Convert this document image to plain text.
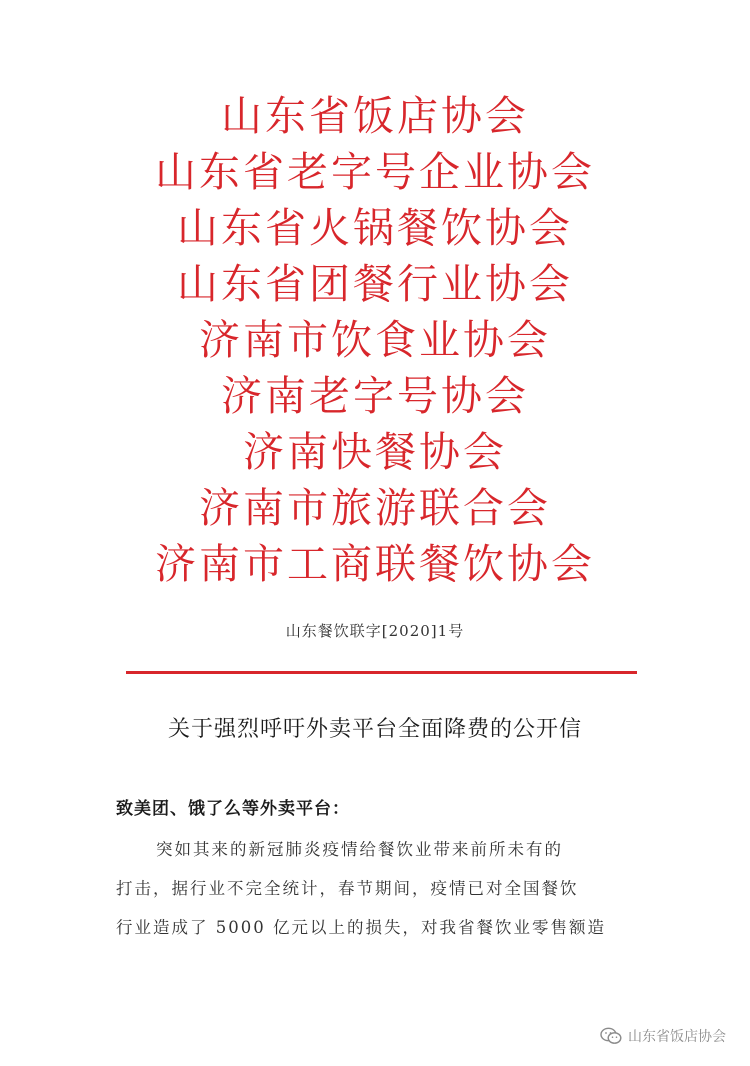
山东省饭店协会
山东省老字号企业协会
山东省火锅餐饮协会
山东省团餐行业协会
济南市饮食业协会
济南老字号协会
济南快餐协会
济南市旅游联合会
济南市工商联餐饮协会
山东餐饮联字[2020]1号
关于强烈呼吁外卖平台全面降费的公开信
致美团、饿了么等外卖平台：
突如其来的新冠肺炎疫情给餐饮业带来前所未有的
打击，据行业不完全统计，春节期间，疫情已对全国餐饮
行业造成了 5000 亿元以上的损失，对我省餐饮业零售额造
山东省饭店协会
